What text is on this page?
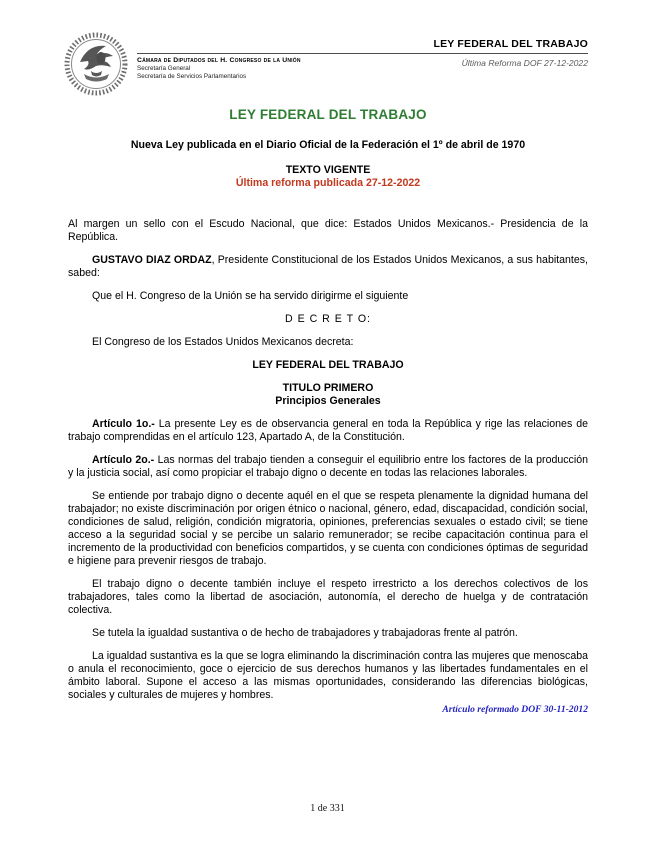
LEY FEDERAL DEL TRABAJO
Cámara de Diputados del H. Congreso de la Unión
Secretaría General
Secretaría de Servicios Parlamentarios
Última Reforma DOF 27-12-2022
LEY FEDERAL DEL TRABAJO
Nueva Ley publicada en el Diario Oficial de la Federación el 1º de abril de 1970
TEXTO VIGENTE
Última reforma publicada 27-12-2022

Al margen un sello con el Escudo Nacional, que dice: Estados Unidos Mexicanos.- Presidencia de la República.

GUSTAVO DIAZ ORDAZ, Presidente Constitucional de los Estados Unidos Mexicanos, a sus habitantes, sabed:

Que el H. Congreso de la Unión se ha servido dirigirme el siguiente

D E C R E T O:

El Congreso de los Estados Unidos Mexicanos decreta:

LEY FEDERAL DEL TRABAJO

TITULO PRIMERO

Principios Generales

Artículo 1o.- La presente Ley es de observancia general en toda la República y rige las relaciones de trabajo comprendidas en el artículo 123, Apartado A, de la Constitución.

Artículo 2o.- Las normas del trabajo tienden a conseguir el equilibrio entre los factores de la producción y la justicia social, así como propiciar el trabajo digno o decente en todas las relaciones laborales.

Se entiende por trabajo digno o decente aquél en el que se respeta plenamente la dignidad humana del trabajador; no existe discriminación por origen étnico o nacional, género, edad, discapacidad, condición social, condiciones de salud, religión, condición migratoria, opiniones, preferencias sexuales o estado civil; se tiene acceso a la seguridad social y se percibe un salario remunerador; se recibe capacitación continua para el incremento de la productividad con beneficios compartidos, y se cuenta con condiciones óptimas de seguridad e higiene para prevenir riesgos de trabajo.

El trabajo digno o decente también incluye el respeto irrestricto a los derechos colectivos de los trabajadores, tales como la libertad de asociación, autonomía, el derecho de huelga y de contratación colectiva.

Se tutela la igualdad sustantiva o de hecho de trabajadores y trabajadoras frente al patrón.

La igualdad sustantiva es la que se logra eliminando la discriminación contra las mujeres que menoscaba o anula el reconocimiento, goce o ejercicio de sus derechos humanos y las libertades fundamentales en el ámbito laboral. Supone el acceso a las mismas oportunidades, considerando las diferencias biológicas, sociales y culturales de mujeres y hombres.

Artículo reformado DOF 30-11-2012
1 de 331
